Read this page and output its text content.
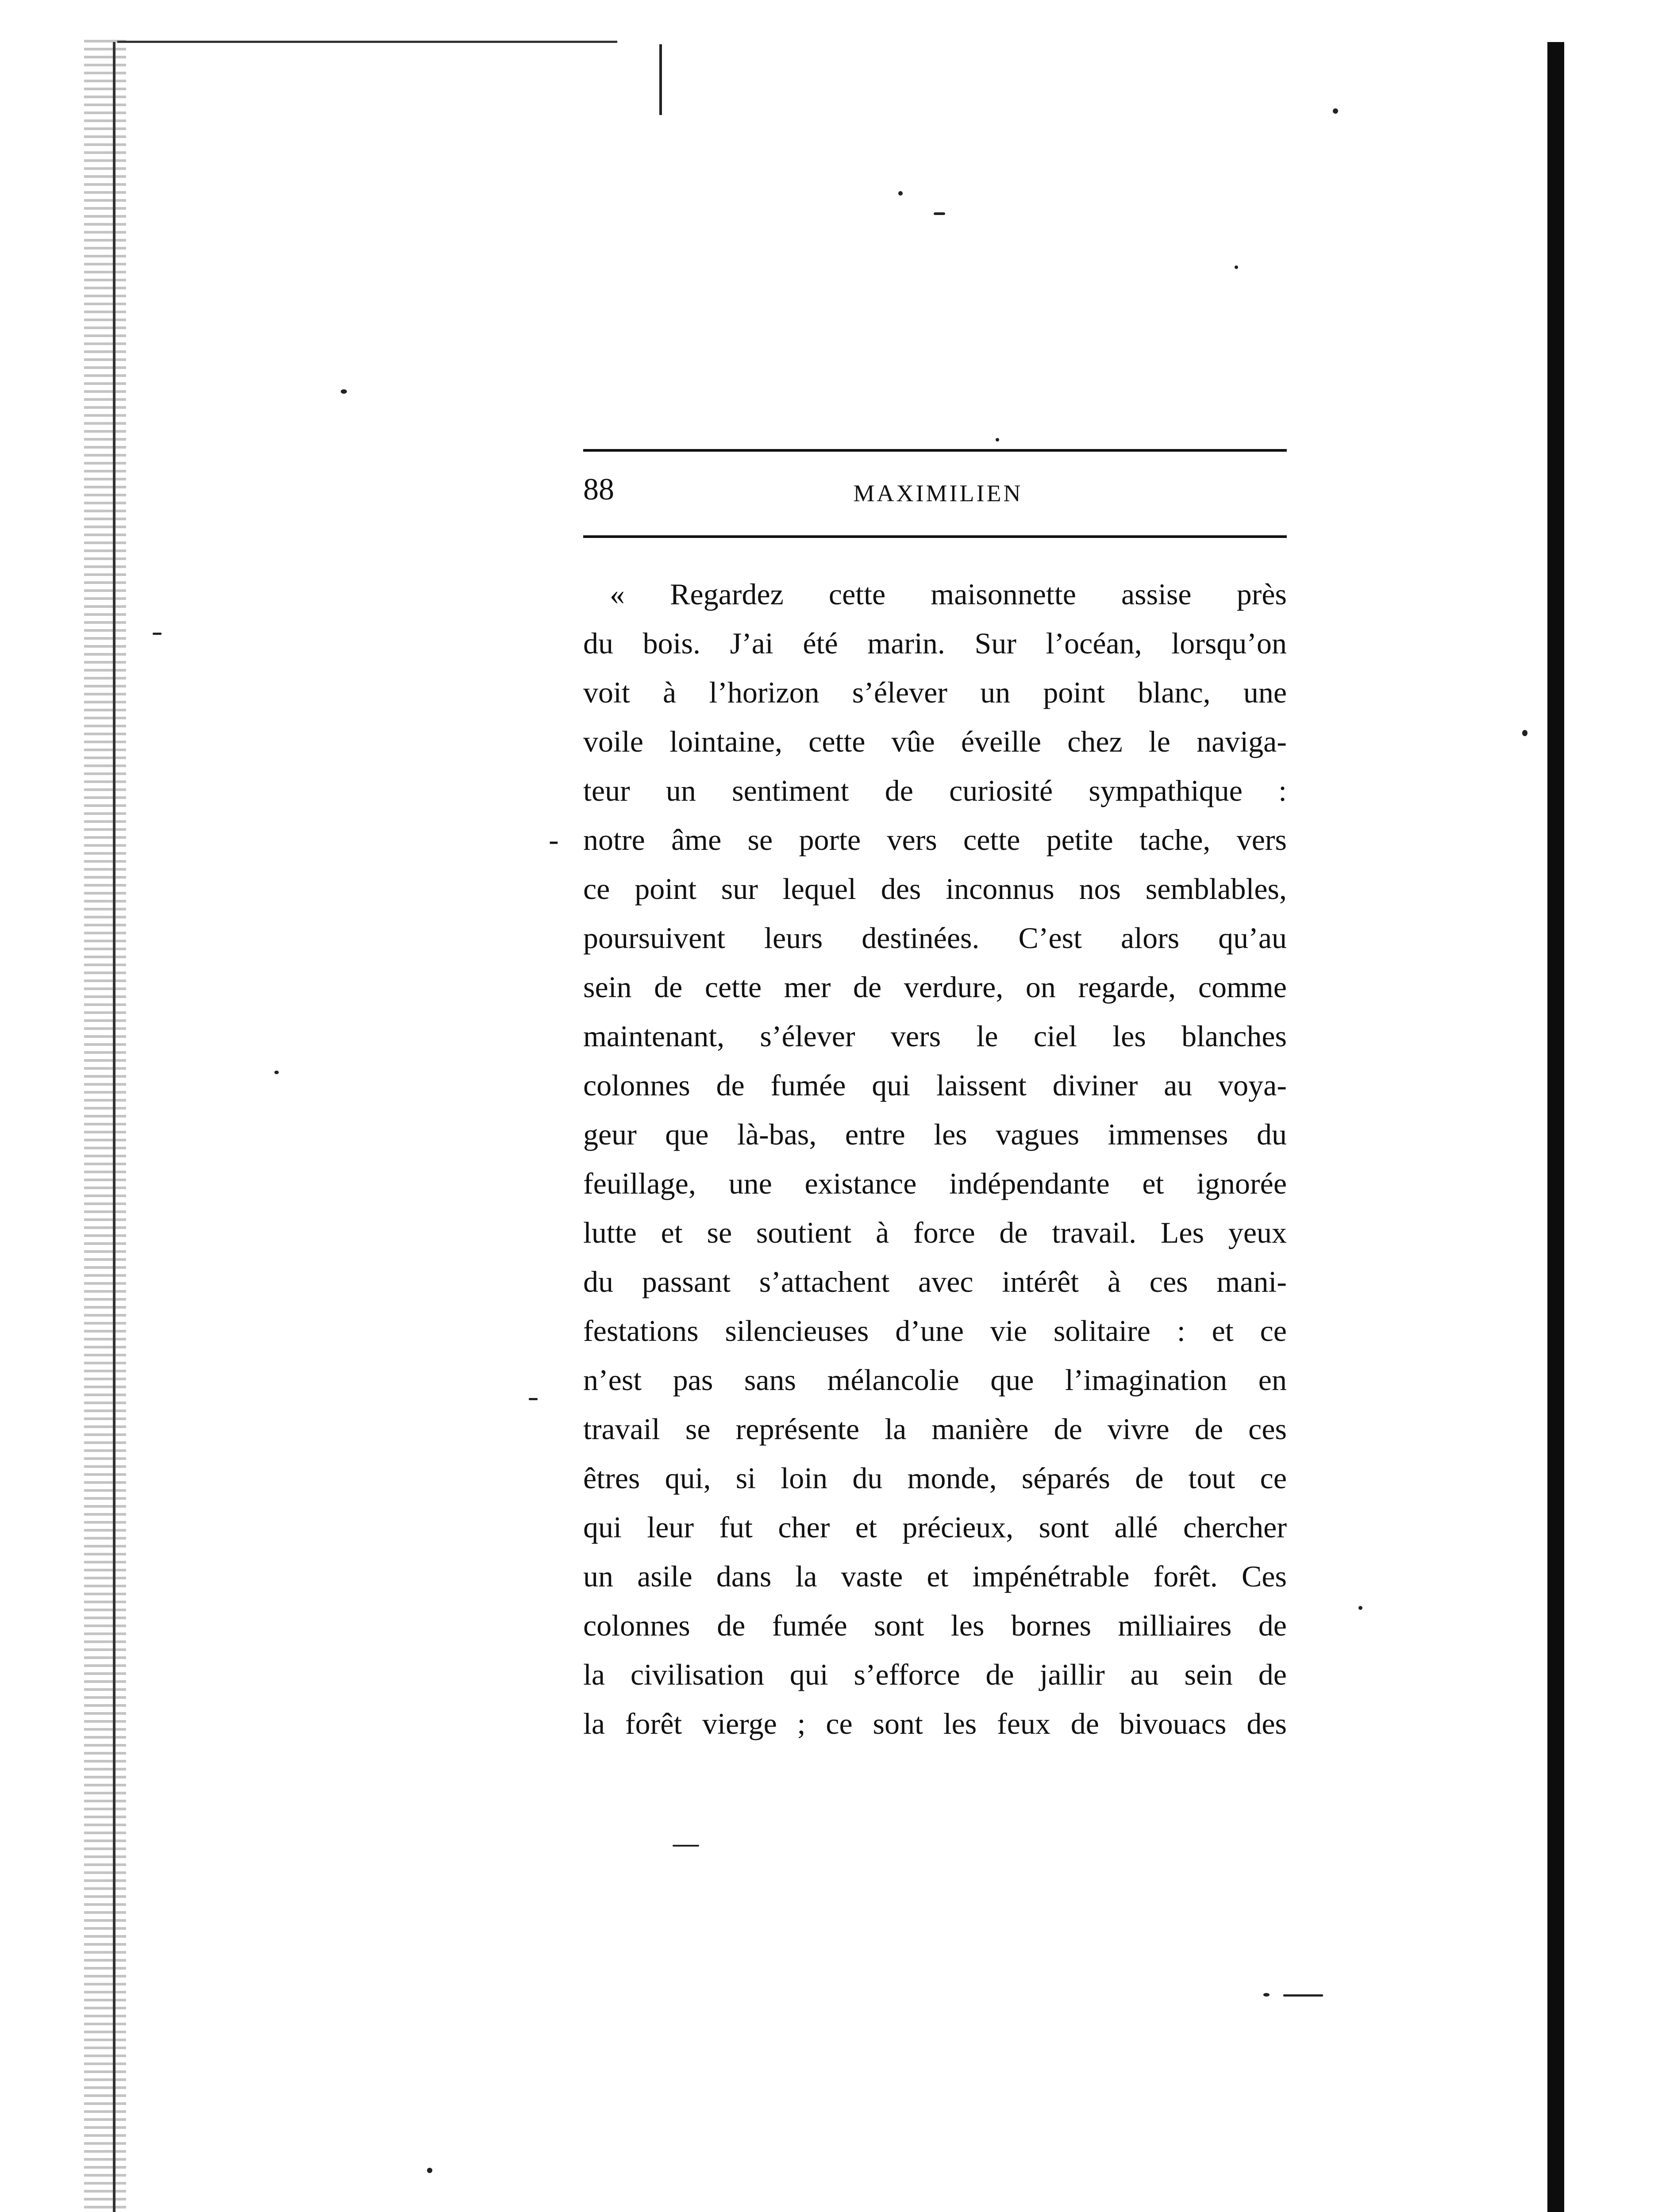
88	MAXIMILIEN
-
« Regardez cette maisonnette assise près
du bois. J’ai été marin. Sur l’océan, lorsqu’on
voit à l’horizon s’élever un point blanc, une
voile lointaine, cette vûe éveille chez le naviga-
teur un sentiment de curiosité sympathique :
notre âme se porte vers cette petite tache, vers
ce point sur lequel des inconnus nos semblables,
poursuivent leurs destinées. C’est alors qu’au
sein de cette mer de verdure, on regarde, comme
maintenant, s’élever vers le ciel les blanches
colonnes de fumée qui laissent diviner au voya-
geur que là-bas, entre les vagues immenses du
feuillage, une existance indépendante et ignorée
lutte et se soutient à force de travail. Les yeux
du passant s’attachent avec intérêt à ces mani-
festations silencieuses d’une vie solitaire : et ce
n’est pas sans mélancolie que l’imagination en
travail se représente la manière de vivre de ces
êtres qui, si loin du monde, séparés de tout ce
qui leur fut cher et précieux, sont allé chercher
un asile dans la vaste et impénétrable forêt. Ces
colonnes de fumée sont les bornes milliaires de
la civilisation qui s’efforce de jaillir au sein de
la forêt vierge ; ce sont les feux de bivouacs des
